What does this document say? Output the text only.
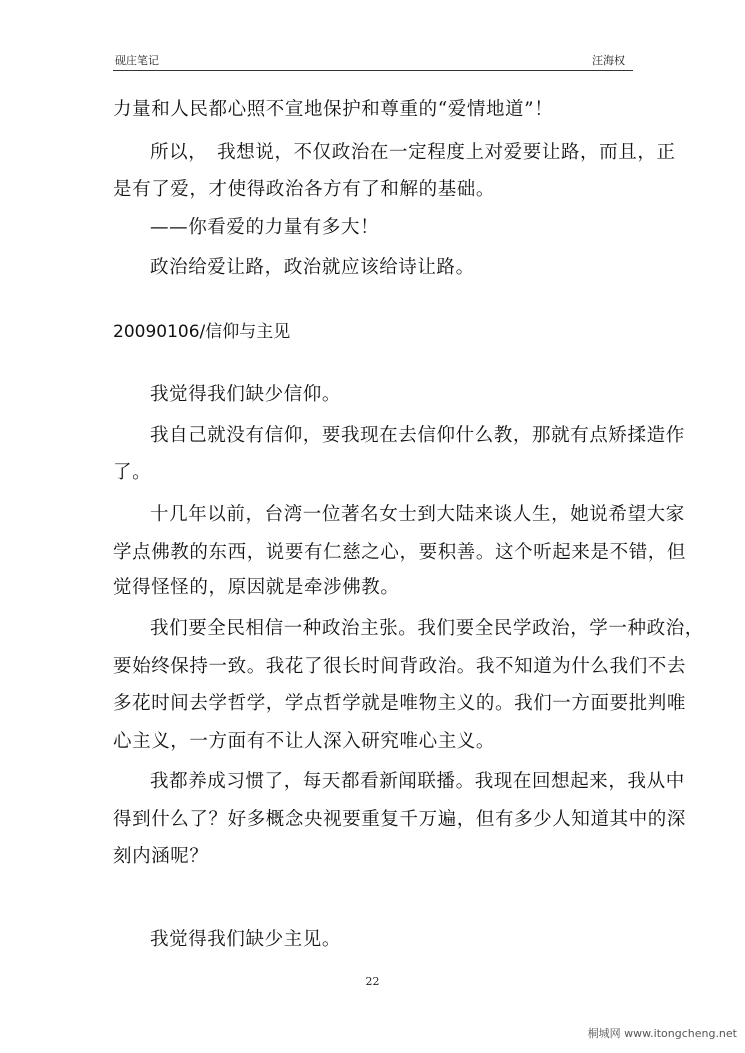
砚庄笔记	汪海权
力量和人民都心照不宣地保护和尊重的“爱情地道”！
所以，　我想说，不仅政治在一定程度上对爱要让路，而且，正
是有了爱，才使得政治各方有了和解的基础。
——你看爱的力量有多大！
政治给爱让路，政治就应该给诗让路。
20090106/信仰与主见
我觉得我们缺少信仰。
我自己就没有信仰，要我现在去信仰什么教，那就有点矫揉造作
了。
十几年以前，台湾一位著名女士到大陆来谈人生，她说希望大家
学点佛教的东西，说要有仁慈之心，要积善。这个听起来是不错，但
觉得怪怪的，原因就是牵涉佛教。
我们要全民相信一种政治主张。我们要全民学政治，学一种政治，
要始终保持一致。我花了很长时间背政治。我不知道为什么我们不去
多花时间去学哲学，学点哲学就是唯物主义的。我们一方面要批判唯
心主义，一方面有不让人深入研究唯心主义。
我都养成习惯了，每天都看新闻联播。我现在回想起来，我从中
得到什么了？好多概念央视要重复千万遍，但有多少人知道其中的深
刻内涵呢？
我觉得我们缺少主见。
22
桐城网 www.itongcheng.net
